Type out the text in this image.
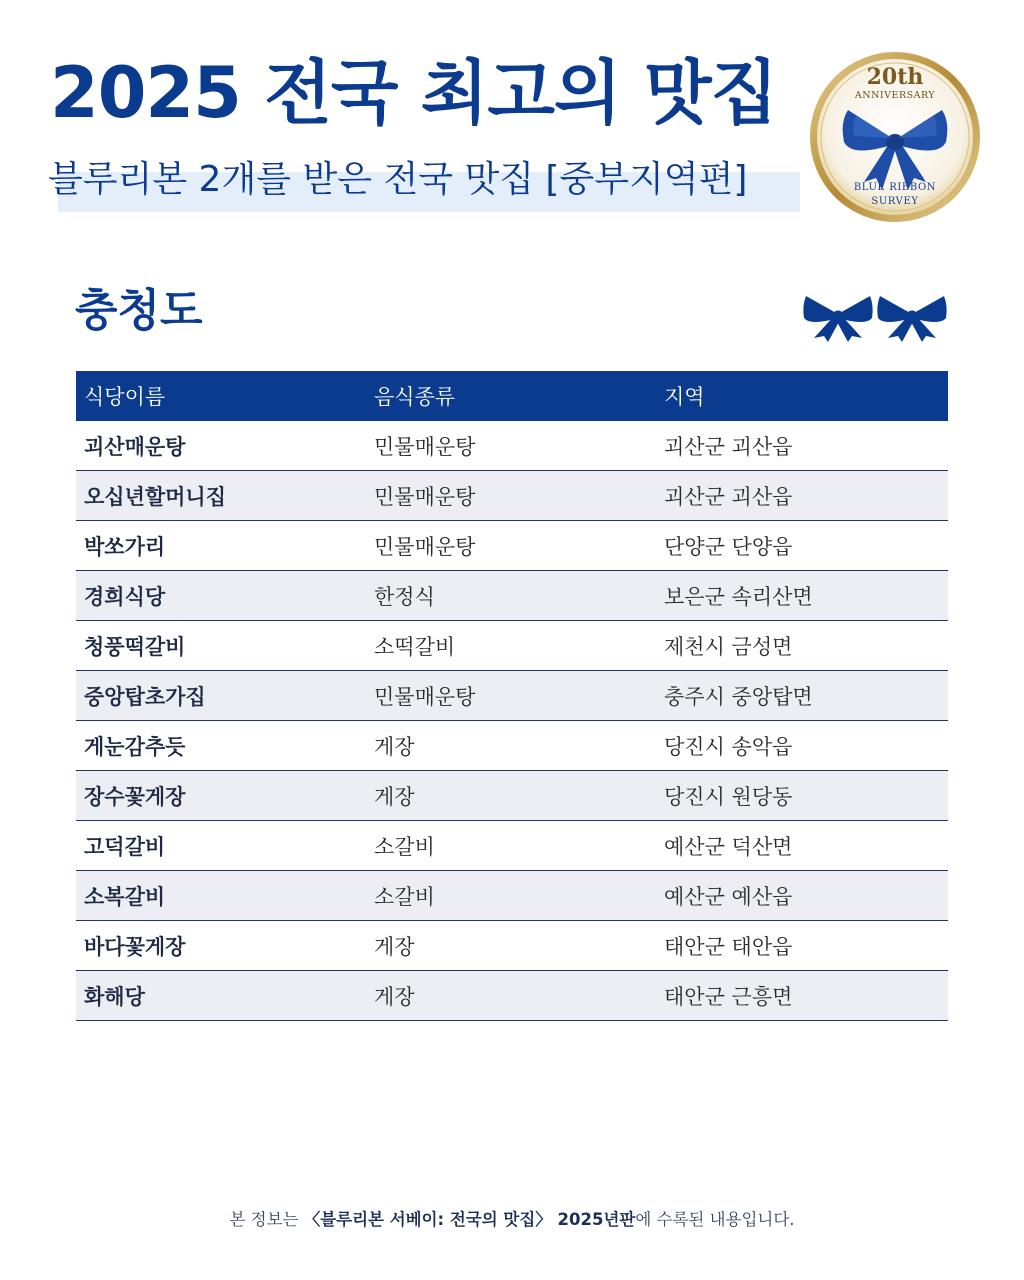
2025 전국 최고의 맛집

블루리본 2개를 받은 전국 맛집 [중부지역편]

20th
ANNIVERSARY
BLUE RIBBON
SURVEY
충청도
식당이름	음식종류	지역
괴산매운탕	민물매운탕	괴산군 괴산읍
오십년할머니집	민물매운탕	괴산군 괴산읍
박쏘가리	민물매운탕	단양군 단양읍
경희식당	한정식	보은군 속리산면
청풍떡갈비	소떡갈비	제천시 금성면
중앙탑초가집	민물매운탕	충주시 중앙탑면
게눈감추듯	게장	당진시 송악읍
장수꽃게장	게장	당진시 원당동
고덕갈비	소갈비	예산군 덕산면
소복갈비	소갈비	예산군 예산읍
바다꽃게장	게장	태안군 태안읍
화해당	게장	태안군 근흥면

본 정보는 〈블루리본 서베이: 전국의 맛집〉 2025년판에 수록된 내용입니다.
